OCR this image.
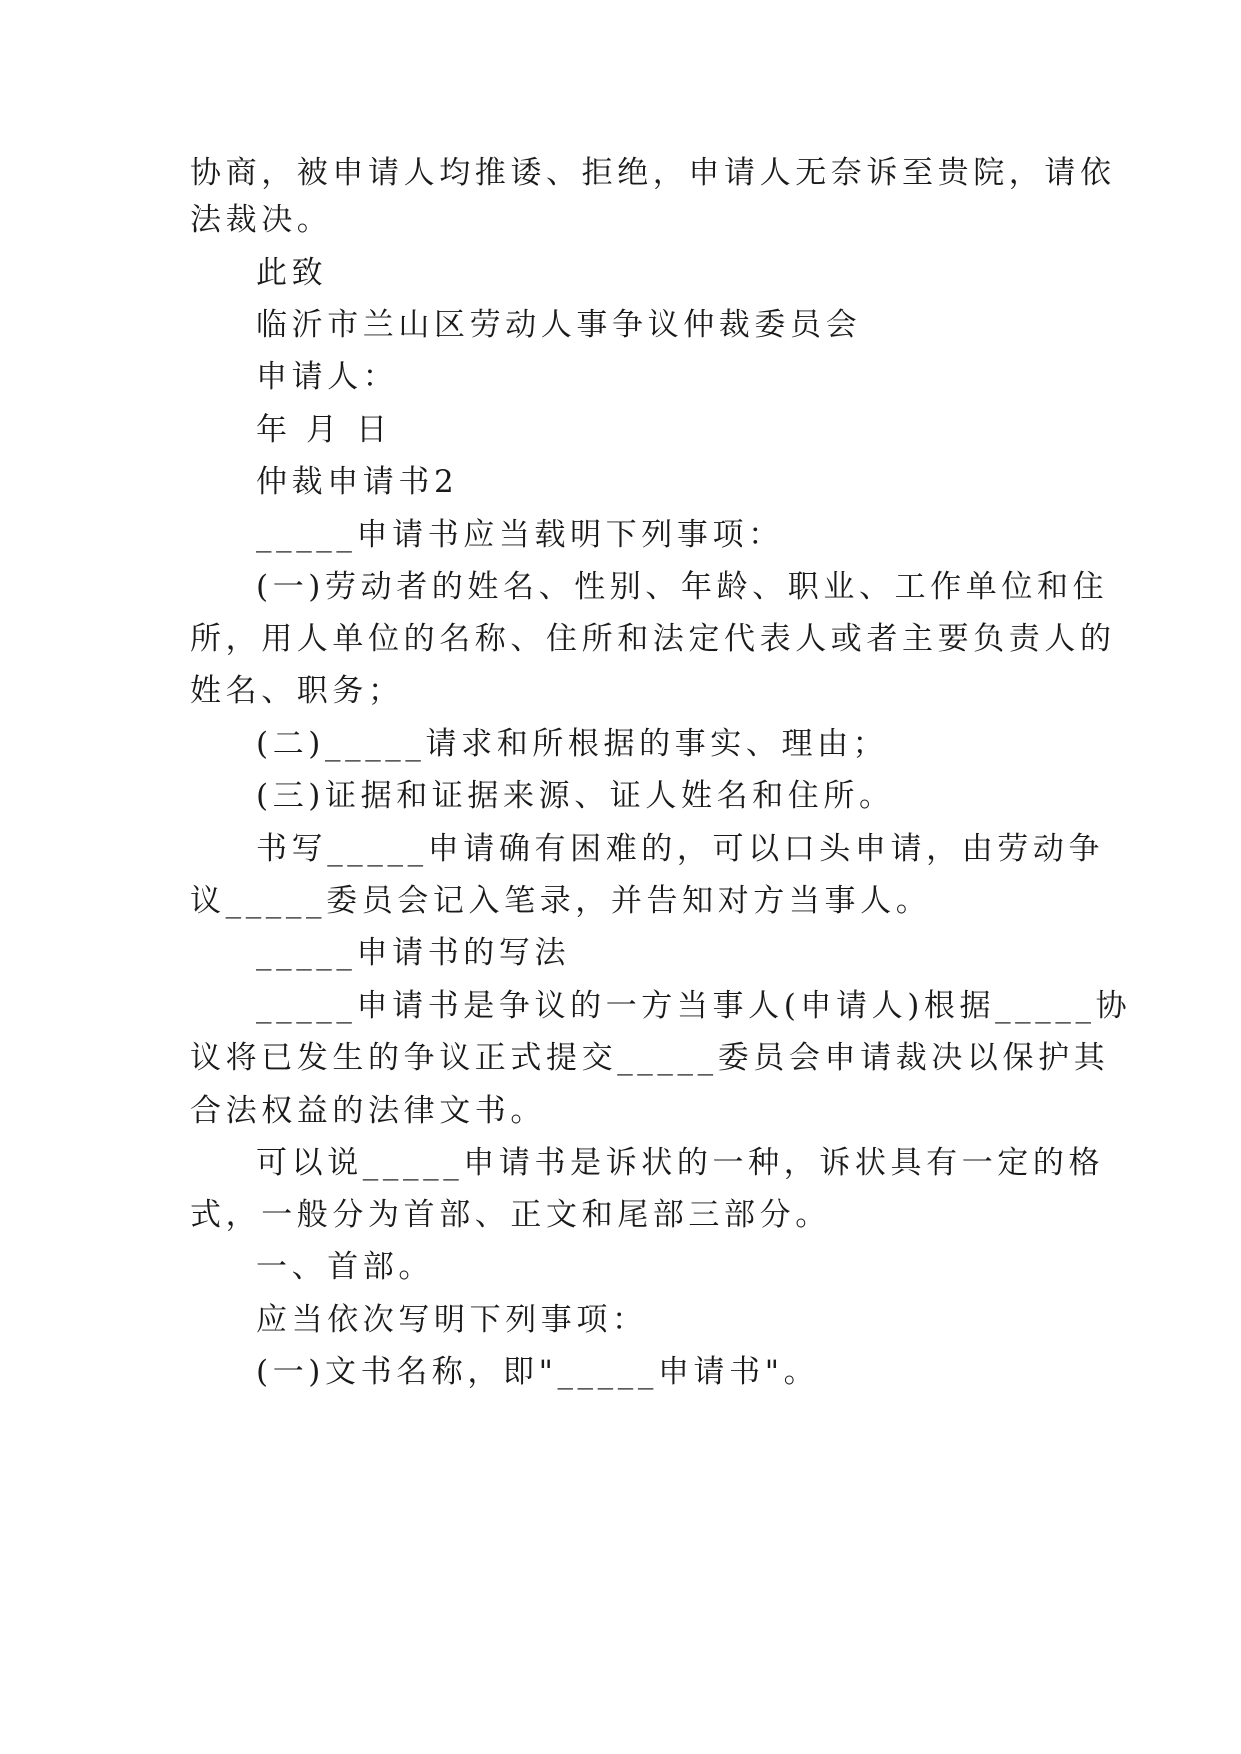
协商，被申请人均推诿、拒绝，申请人无奈诉至贵院，请依
法裁决。
此致
临沂市兰山区劳动人事争议仲裁委员会
申请人：
年 月 日
仲裁申请书2
_____申请书应当载明下列事项：
(一)劳动者的姓名、性别、年龄、职业、工作单位和住
所，用人单位的名称、住所和法定代表人或者主要负责人的
姓名、职务；
(二)_____请求和所根据的事实、理由；
(三)证据和证据来源、证人姓名和住所。
书写_____申请确有困难的，可以口头申请，由劳动争
议_____委员会记入笔录，并告知对方当事人。
_____申请书的写法
_____申请书是争议的一方当事人(申请人)根据_____协
议将已发生的争议正式提交_____委员会申请裁决以保护其
合法权益的法律文书。
可以说_____申请书是诉状的一种，诉状具有一定的格
式，一般分为首部、正文和尾部三部分。
一、首部。
应当依次写明下列事项：
(一)文书名称，即"_____申请书"。
